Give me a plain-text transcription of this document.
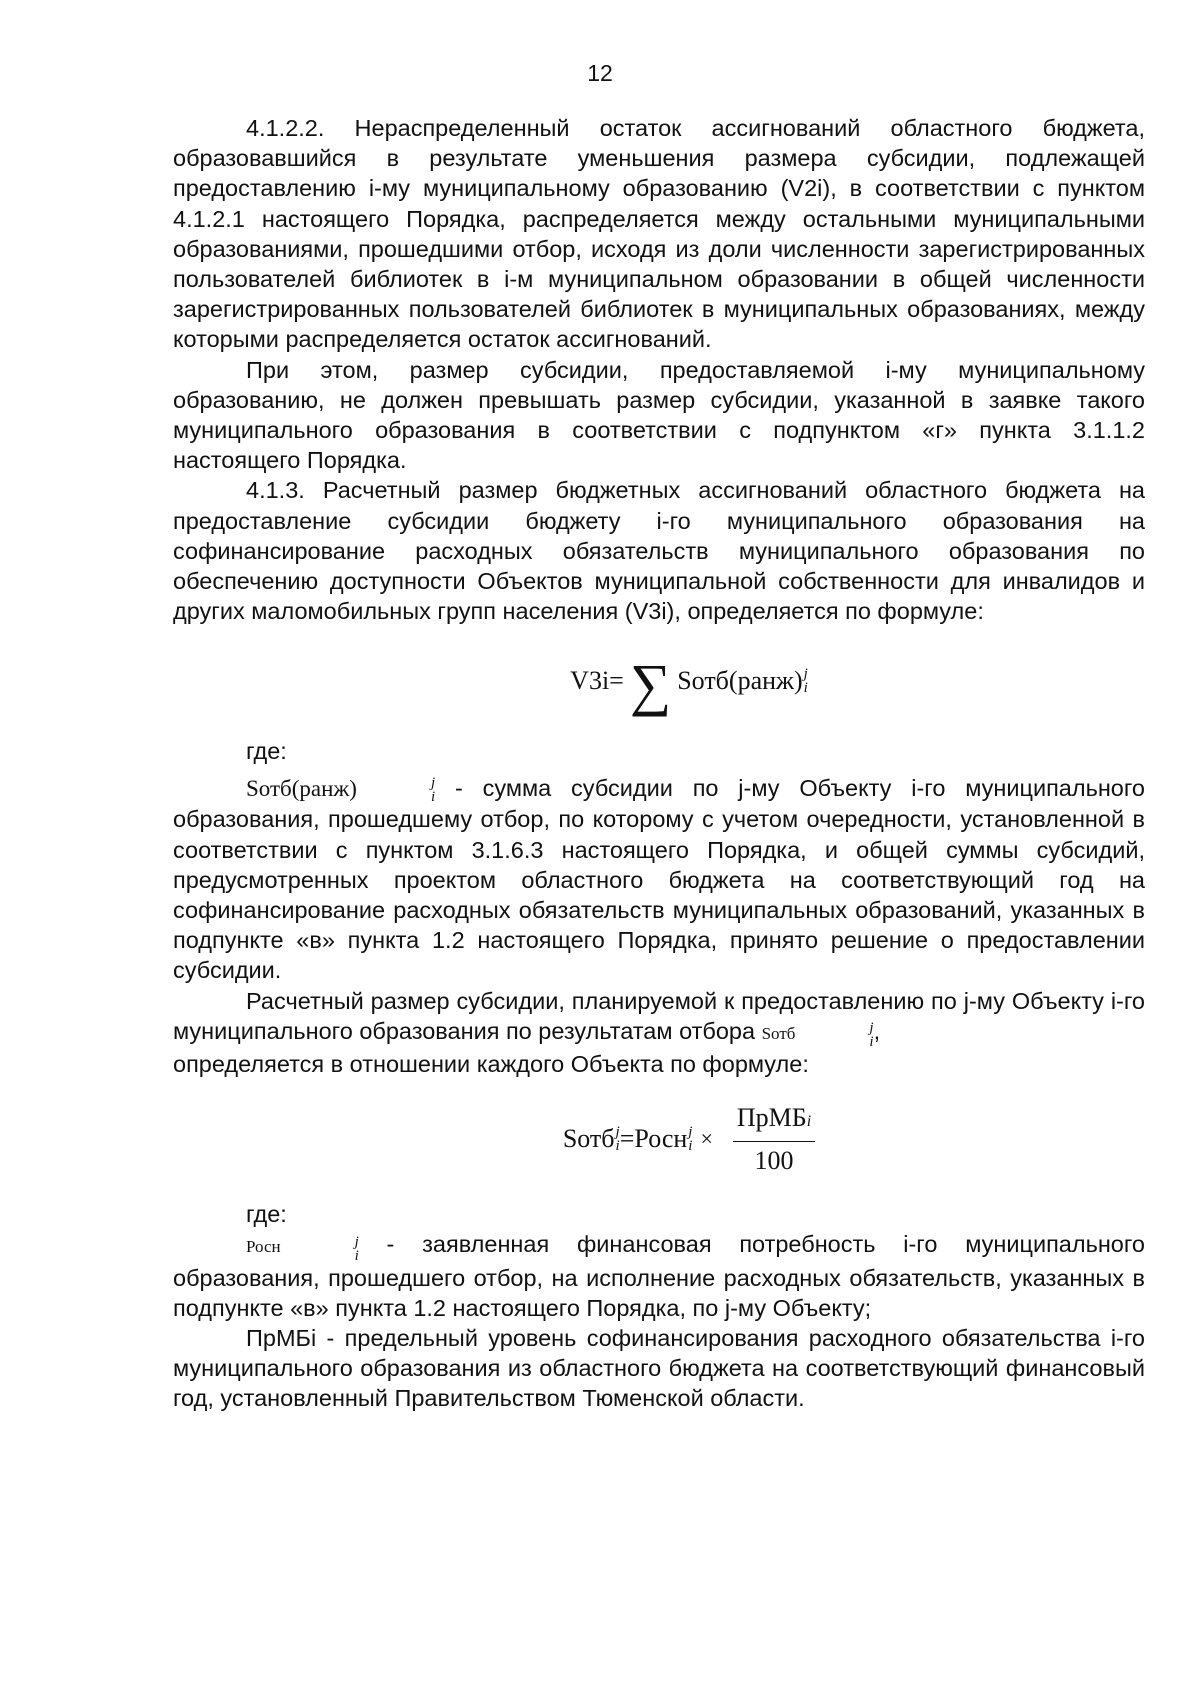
12

4.1.2.2. Нераспределенный остаток ассигнований областного бюджета, образовавшийся в результате уменьшения размера субсидии, подлежащей предоставлению i-му муниципальному образованию (V2i), в соответствии с пунктом 4.1.2.1 настоящего Порядка, распределяется между остальными муниципальными образованиями, прошедшими отбор, исходя из доли численности зарегистрированных пользователей библиотек в i-м муниципальном образовании в общей численности зарегистрированных пользователей библиотек в муниципальных образованиях, между которыми распределяется остаток ассигнований.

При этом, размер субсидии, предоставляемой i-му муниципальному образованию, не должен превышать размер субсидии, указанной в заявке такого муниципального образования в соответствии с подпунктом «г» пункта 3.1.1.2 настоящего Порядка.

4.1.3. Расчетный размер бюджетных ассигнований областного бюджета на предоставление субсидии бюджету i-го муниципального образования на софинансирование расходных обязательств муниципального образования по обеспечению доступности Объектов муниципальной собственности для инвалидов и других маломобильных групп населения (V3i), определяется по формуле:

V3i = ∑ Sотб(ранж) j
i

где:

Sотб(ранж)	j
i - сумма субсидии по j-му Объекту i-го муниципального образования, прошедшему отбор, по которому с учетом очередности, установленной в соответствии с пунктом 3.1.6.3 настоящего Порядка, и общей суммы субсидий, предусмотренных проектом областного бюджета на соответствующий год на софинансирование расходных обязательств муниципальных образований, указанных в подпункте «в» пункта 1.2 настоящего Порядка, принято решение о предоставлении субсидии.

Расчетный размер субсидии, планируемой к предоставлению по j-му Объекту i-го муниципального образования по результатам отбора Sотб	j
i ,

определяется в отношении каждого Объекта по формуле:

Sотб j
i = Росн j
$i \times \frac{\text{ПрМБi}}{100}$

где:

Росн	j
i - заявленная финансовая потребность i-го муниципального образования, прошедшего отбор, на исполнение расходных обязательств, указанных в подпункте «в» пункта 1.2 настоящего Порядка, по j-му Объекту;

ПрМБi - предельный уровень софинансирования расходного обязательства i-го муниципального образования из областного бюджета на соответствующий финансовый год, установленный Правительством Тюменской области.
